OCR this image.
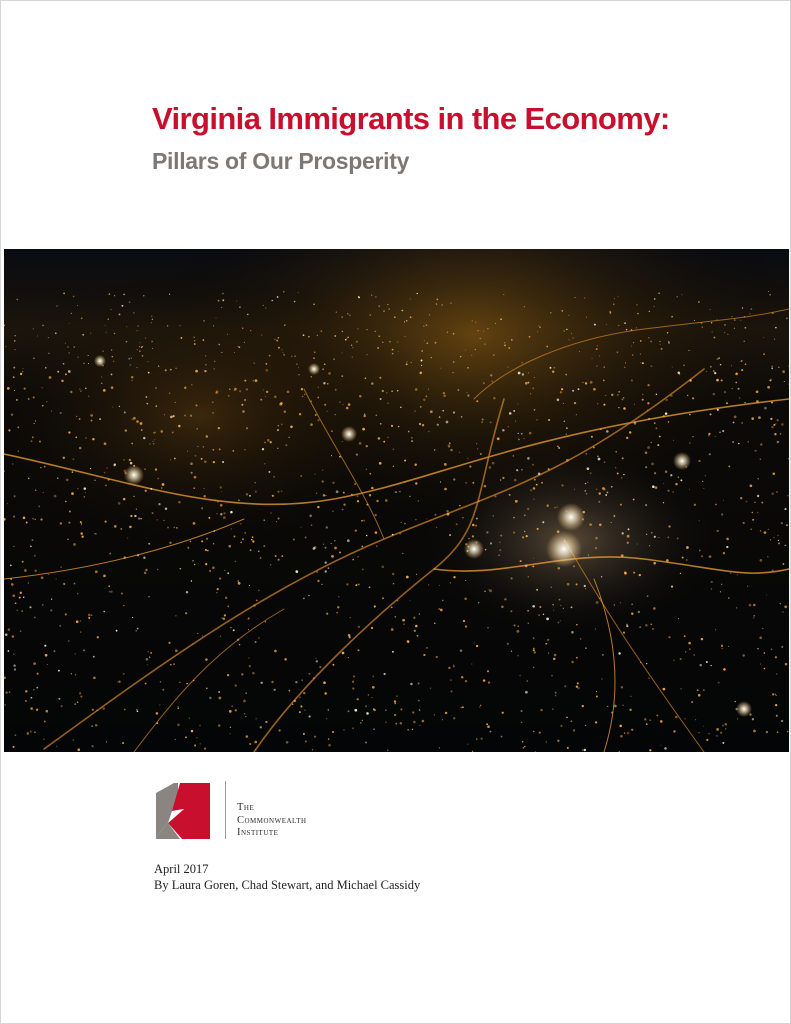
Virginia Immigrants in the Economy:
Pillars of Our Prosperity
The
Commonwealth
Institute
April 2017
By Laura Goren, Chad Stewart, and Michael Cassidy
